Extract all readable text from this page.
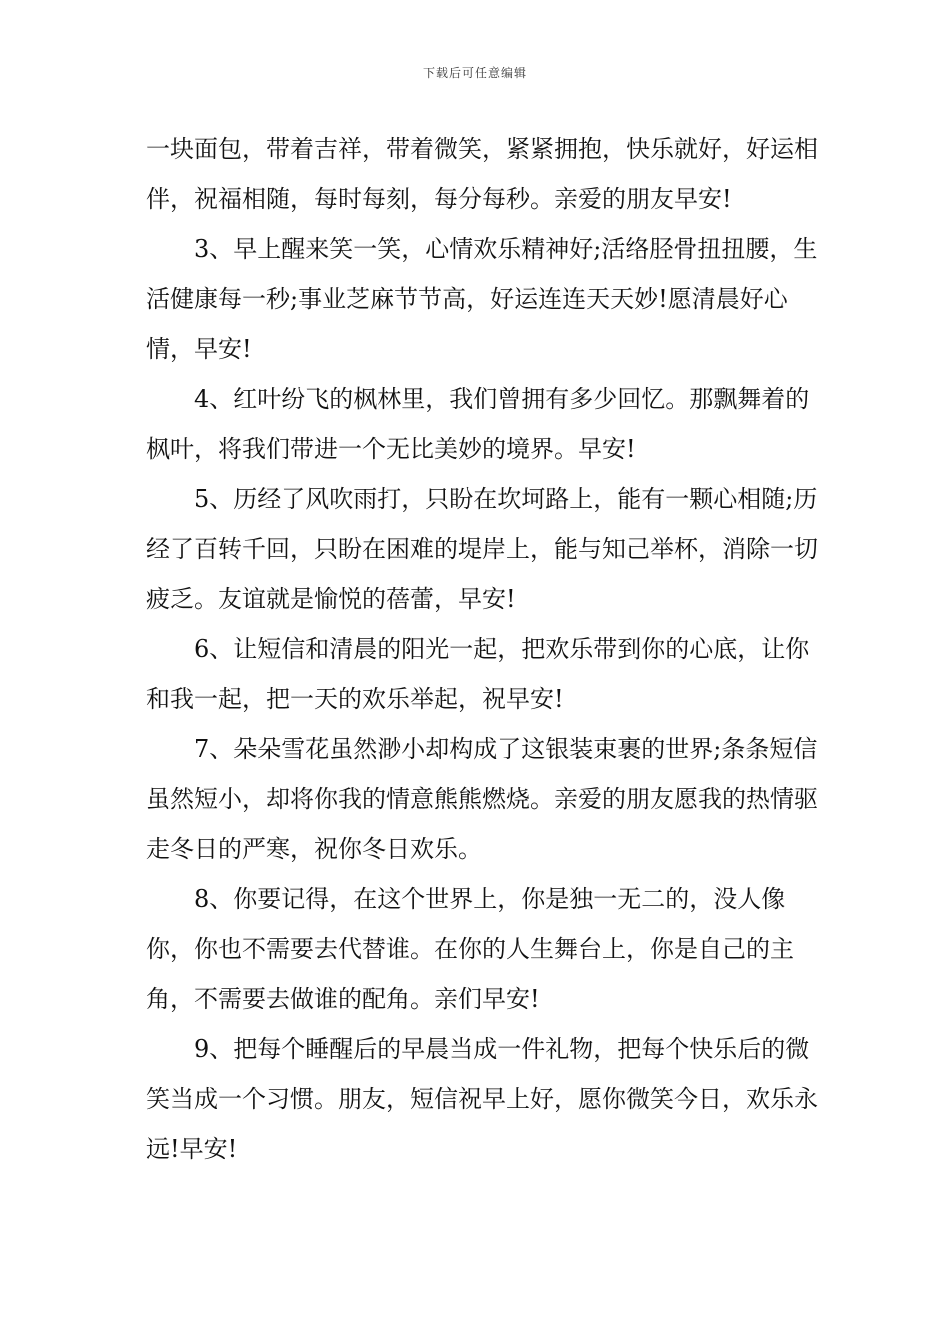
下载后可任意编辑

一块面包，带着吉祥，带着微笑，紧紧拥抱，快乐就好，好运相伴，祝福相随，每时每刻，每分每秒。亲爱的朋友早安!

3、早上醒来笑一笑，心情欢乐精神好;活络胫骨扭扭腰，生活健康每一秒;事业芝麻节节高，好运连连天天妙!愿清晨好心情，早安!

4、红叶纷飞的枫林里，我们曾拥有多少回忆。那飘舞着的枫叶，将我们带进一个无比美妙的境界。早安!

5、历经了风吹雨打，只盼在坎坷路上，能有一颗心相随;历经了百转千回，只盼在困难的堤岸上，能与知己举杯，消除一切疲乏。友谊就是愉悦的蓓蕾，早安!

6、让短信和清晨的阳光一起，把欢乐带到你的心底，让你和我一起，把一天的欢乐举起，祝早安!

7、朵朵雪花虽然渺小却构成了这银装束裹的世界;条条短信虽然短小，却将你我的情意熊熊燃烧。亲爱的朋友愿我的热情驱走冬日的严寒，祝你冬日欢乐。

8、你要记得，在这个世界上，你是独一无二的，没人像你，你也不需要去代替谁。在你的人生舞台上，你是自己的主角，不需要去做谁的配角。亲们早安!

9、把每个睡醒后的早晨当成一件礼物，把每个快乐后的微笑当成一个习惯。朋友，短信祝早上好，愿你微笑今日，欢乐永远!早安!
